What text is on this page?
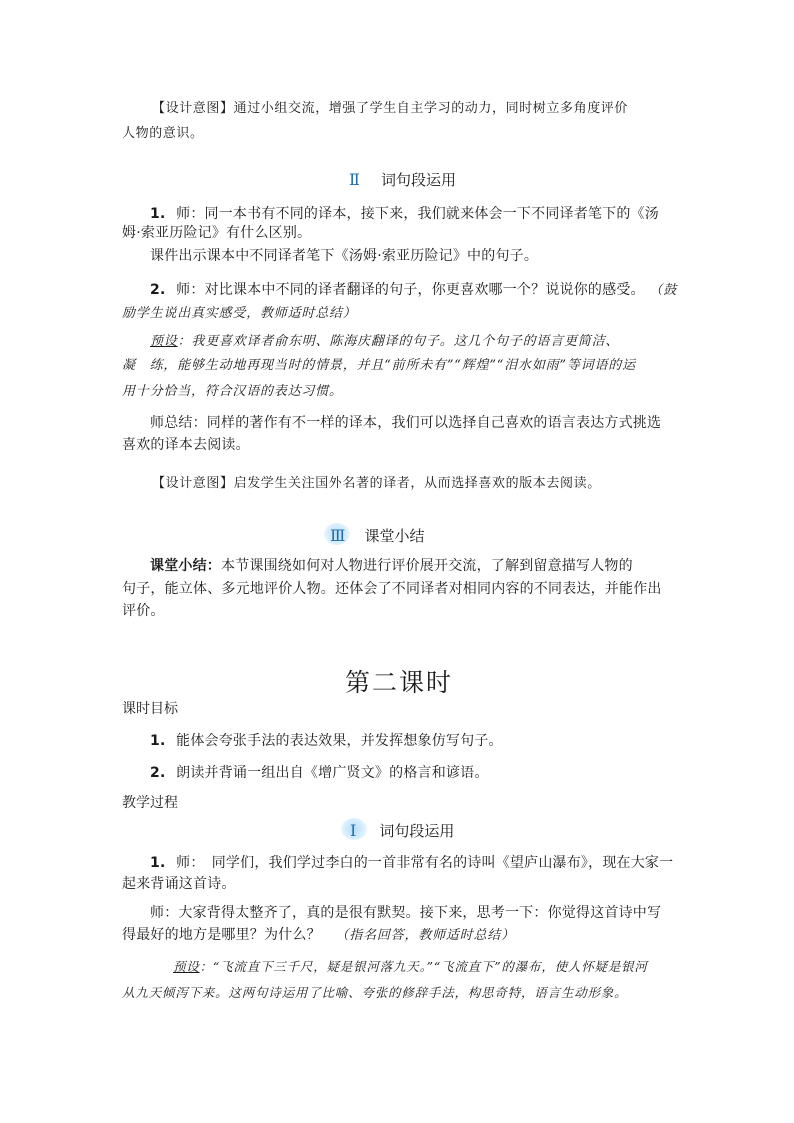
【设计意图】通过小组交流，增强了学生自主学习的动力，同时树立多角度评价
人物的意识。
Ⅱ 词句段运用
1. 师：同一本书有不同的译本，接下来，我们就来体会一下不同译者笔下的《汤
姆·索亚历险记》有什么区别。
课件出示课本中不同译者笔下《汤姆·索亚历险记》中的句子。
2. 师：对比课本中不同的译者翻译的句子，你更喜欢哪一个？说说你的感受。 （鼓
励学生说出真实感受，教师适时总结）
预设：我更喜欢译者俞东明、陈海庆翻译的句子。这几个句子的语言更简洁、
凝　练，能够生动地再现当时的情景，并且“前所未有”“辉煌”“泪水如雨”等词语的运
用十分恰当，符合汉语的表达习惯。
师总结：同样的著作有不一样的译本，我们可以选择自己喜欢的语言表达方式挑选
喜欢的译本去阅读。
【设计意图】启发学生关注国外名著的译者，从而选择喜欢的版本去阅读。
Ⅲ 课堂小结
课堂小结：本节课围绕如何对人物进行评价展开交流，了解到留意描写人物的
句子，能立体、多元地评价人物。还体会了不同译者对相同内容的不同表达，并能作出
评价。
第二课时
课时目标
1. 能体会夸张手法的表达效果，并发挥想象仿写句子。
2. 朗读并背诵一组出自《增广贤文》的格言和谚语。
教学过程
Ⅰ 词句段运用
1. 师：　同学们，我们学过李白的一首非常有名的诗叫《望庐山瀑布》，现在大家一
起来背诵这首诗。
师：大家背得太整齐了，真的是很有默契。接下来，思考一下：你觉得这首诗中写
得最好的地方是哪里？为什么？ （指名回答，教师适时总结）
预设：“飞流直下三千尺，疑是银河落九天。”“飞流直下”的瀑布，使人怀疑是银河
从九天倾泻下来。这两句诗运用了比喻、夸张的修辞手法，构思奇特，语言生动形象。
